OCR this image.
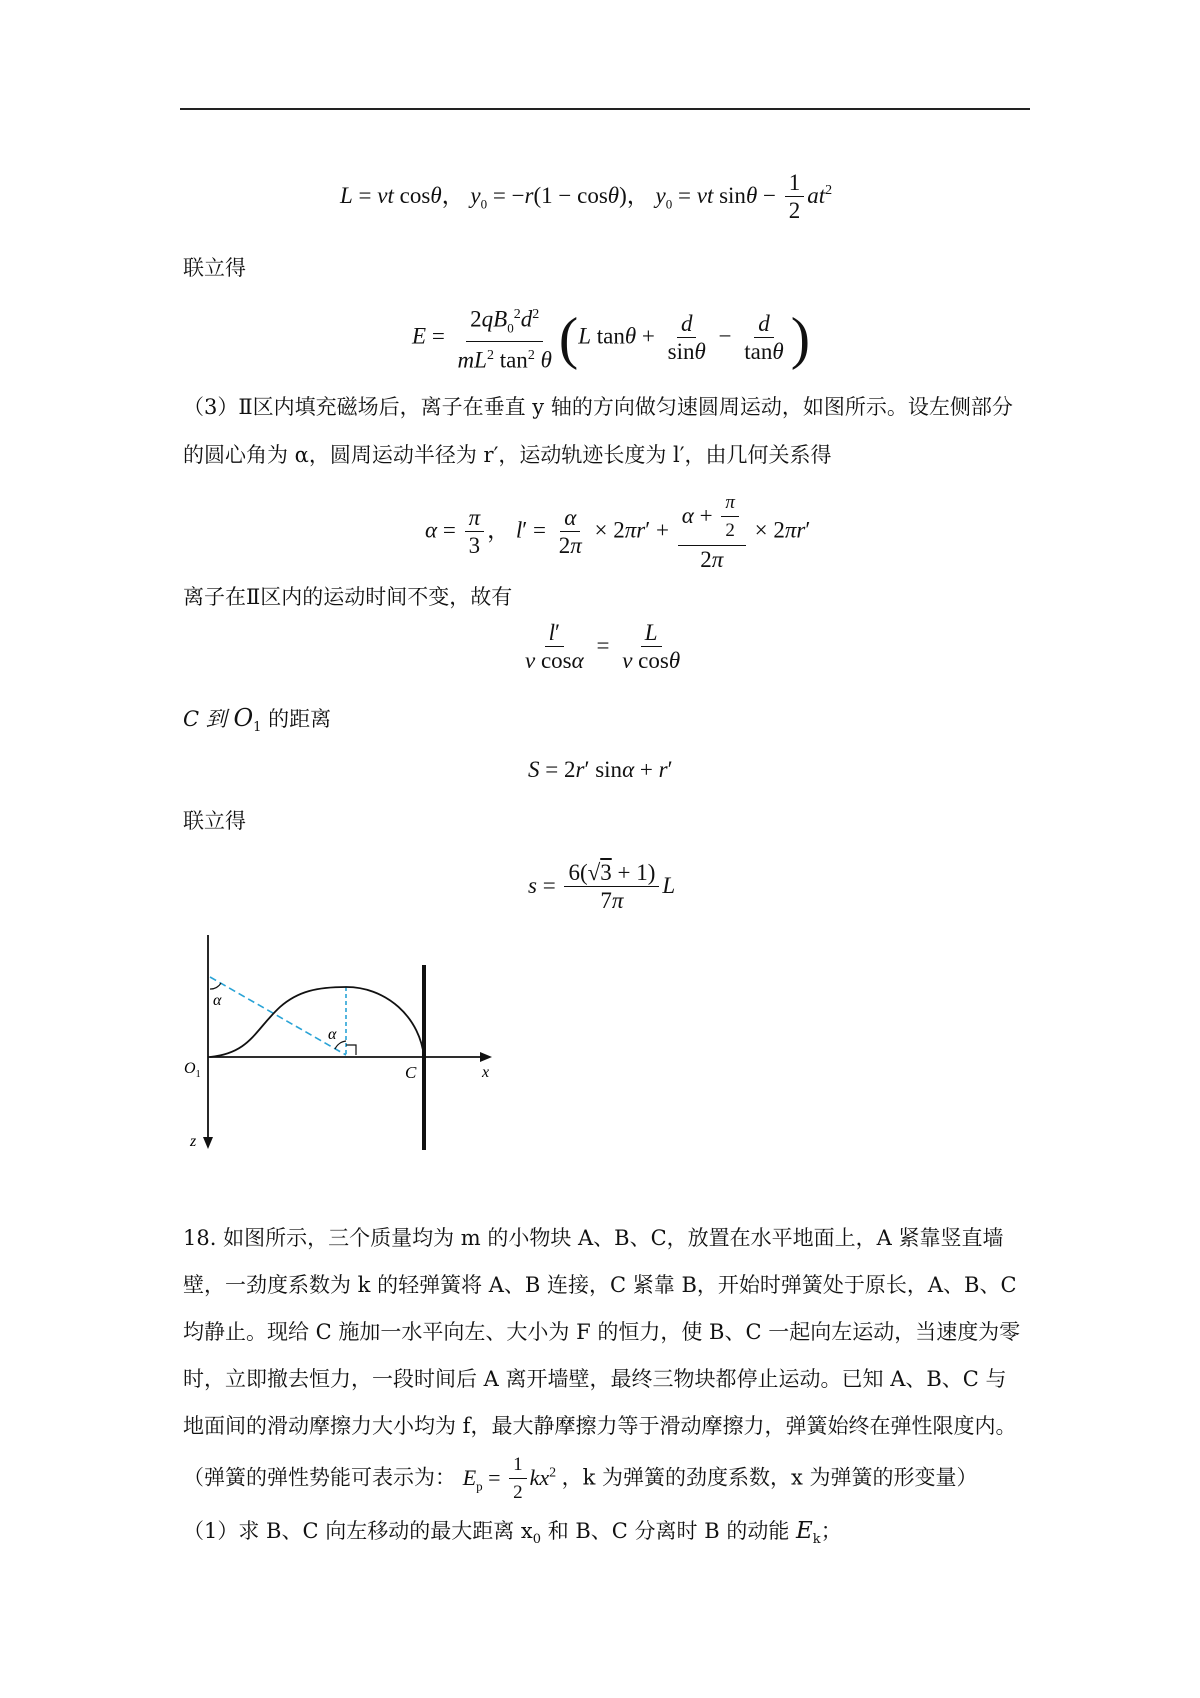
L = vt cosθ， $y_0 = -r(1 - \cos\theta)$， $y_0$ = vt $\sin\theta - \frac{1}{2} at^2$
联立得
$E = \frac{2qB_0^2d^2}{mL^2 \tan^2 \theta} (L$ $\tan\theta + \frac{d}{\sin\theta} - \frac{d}{\tan\theta}$ )
（3）Ⅱ区内填充磁场后，离子在垂直 y 轴的方向做匀速圆周运动，如图所示。设左侧部分
的圆心角为 α，圆周运动半径为 r′，运动轨迹长度为 l′，由几何关系得
$\alpha = \frac{\pi}{3}$ ， $l' = \frac{\alpha}{2\pi} \times 2\pi r' + \frac{\alpha + \frac{\pi}{2}}{2\pi} \times 2\pi r'$
离子在Ⅱ区内的运动时间不变，故有
$\frac{l'}{\text{v cosα}} = \frac{L}{\text{v cosθ}}$
C 到 $O_1$ 的距离
S = 2r′ sinα + r′
联立得
$s = \frac{6(√3 + 1)}{7\pi}$ L
α
α
$O_1$	C	x
z
18. 如图所示，三个质量均为 m 的小物块 A、B、C，放置在水平地面上，A 紧靠竖直墙
壁，一劲度系数为 k 的轻弹簧将 A、B 连接，C 紧靠 B，开始时弹簧处于原长，A、B、C
均静止。现给 C 施加一水平向左、大小为 F 的恒力，使 B、C 一起向左运动，当速度为零
时，立即撤去恒力，一段时间后 A 离开墙壁，最终三物块都停止运动。已知 A、B、C 与
地面间的滑动摩擦力大小均为 f，最大静摩擦力等于滑动摩擦力，弹簧始终在弹性限度内。
（弹簧的弹性势能可表示为： $E_p = \frac{1}{2} kx^2$ ，k 为弹簧的劲度系数，x 为弹簧的形变量）
（1）求 B、C 向左移动的最大距离 $x_0$ 和 B、C 分离时 B 的动能 $E_k$；
